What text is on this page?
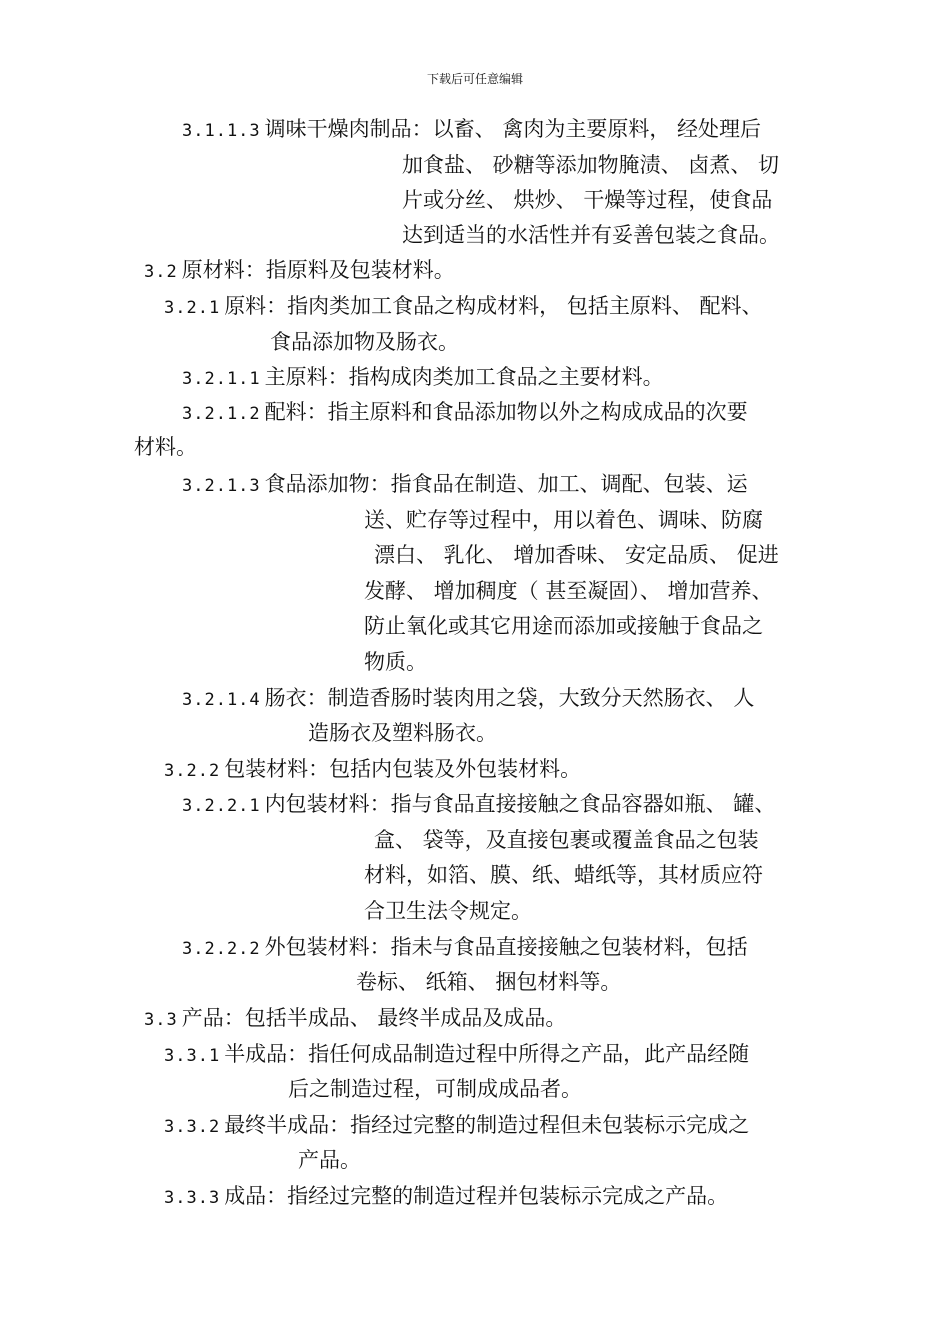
下载后可任意编辑
3.1.1.3 调味干燥肉制品：以畜、 禽肉为主要原料， 经处理后
加食盐、 砂糖等添加物腌渍、 卤煮、 切
片或分丝、 烘炒、 干燥等过程，使食品
达到适当的水活性并有妥善包装之食品。
3.2 原材料：指原料及包装材料。
3.2.1 原料：指肉类加工食品之构成材料， 包括主原料、 配料、
食品添加物及肠衣。
3.2.1.1 主原料：指构成肉类加工食品之主要材料。
3.2.1.2 配料：指主原料和食品添加物以外之构成成品的次要
材料。
3.2.1.3 食品添加物：指食品在制造、加工、调配、包装、运
送、贮存等过程中，用以着色、调味、防腐
漂白、 乳化、 增加香味、 安定品质、 促进
发酵、 增加稠度（ 甚至凝固）、 增加营养、
防止氧化或其它用途而添加或接触于食品之
物质。
3.2.1.4 肠衣：制造香肠时装肉用之袋，大致分天然肠衣、 人
造肠衣及塑料肠衣。
3.2.2 包装材料：包括内包装及外包装材料。
3.2.2.1 内包装材料：指与食品直接接触之食品容器如瓶、 罐、
盒、 袋等，及直接包裹或覆盖食品之包装
材料，如箔、膜、纸、蜡纸等，其材质应符
合卫生法令规定。
3.2.2.2 外包装材料：指未与食品直接接触之包装材料，包括
卷标、 纸箱、 捆包材料等。
3.3 产品：包括半成品、 最终半成品及成品。
3.3.1 半成品：指任何成品制造过程中所得之产品，此产品经随
后之制造过程，可制成成品者。
3.3.2 最终半成品：指经过完整的制造过程但未包装标示完成之
产品。
3.3.3 成品：指经过完整的制造过程并包装标示完成之产品。
